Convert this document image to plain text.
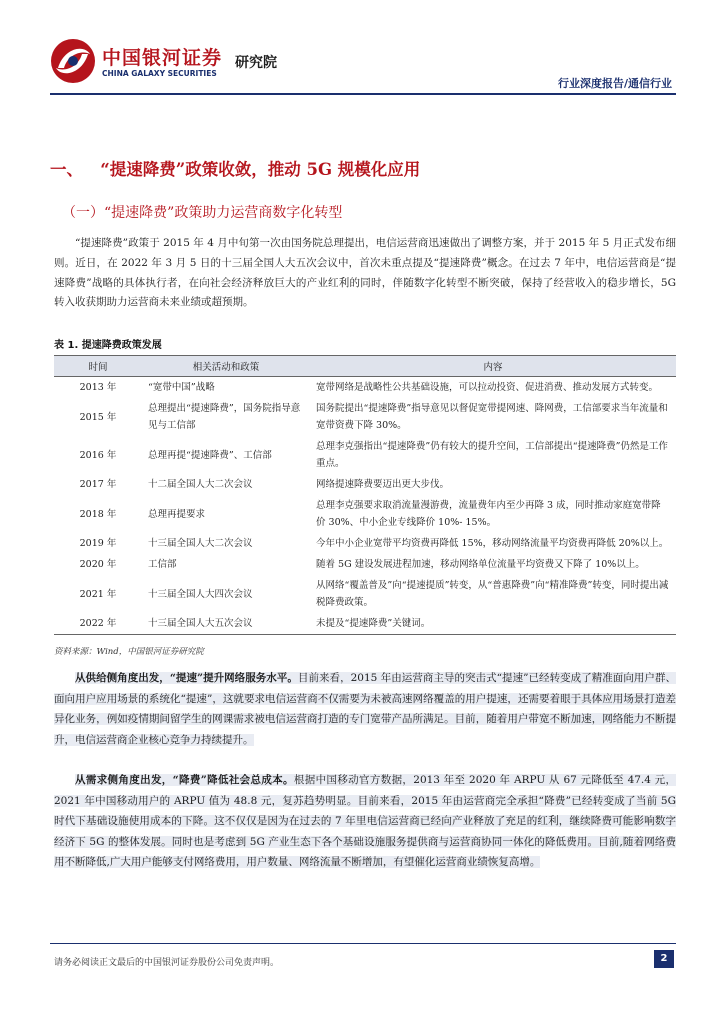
中国银河证券
CHINA GALAXY SECURITIES
研究院
行业深度报告/通信行业
一、   “提速降费”政策收敛，推动 5G 规模化应用
（一）“提速降费”政策助力运营商数字化转型
“提速降费”政策于 2015 年 4 月中旬第一次由国务院总理提出，电信运营商迅速做出了调整方案，并于 2015 年 5 月正式发布细则。近日，在 2022 年 3 月 5 日的十三届全国人大五次会议中，首次未重点提及“提速降费”概念。在过去 7 年中，电信运营商是“提速降费”战略的具体执行者，在向社会经济释放巨大的产业红利的同时，伴随数字化转型不断突破，保持了经营收入的稳步增长，5G 转入收获期助力运营商未来业绩或超预期。
表 1. 提速降费政策发展
时间	相关活动和政策	内容
2013 年	“宽带中国”战略	宽带网络是战略性公共基础设施，可以拉动投资、促进消费、推动发展方式转变。
2015 年	总理提出“提速降费”，国务院指导意见与工信部	国务院提出“提速降费”指导意见以督促宽带提网速、降网费，工信部要求当年流量和宽带资费下降 30%。
2016 年	总理再提“提速降费”、工信部	总理李克强指出“提速降费”仍有较大的提升空间，工信部提出“提速降费”仍然是工作重点。
2017 年	十二届全国人大二次会议	网络提速降费要迈出更大步伐。
2018 年	总理再提要求	总理李克强要求取消流量漫游费，流量费年内至少再降 3 成，同时推动家庭宽带降价 30%、中小企业专线降价 10%- 15%。
2019 年	十三届全国人大二次会议	今年中小企业宽带平均资费再降低 15%，移动网络流量平均资费再降低 20%以上。
2020 年	工信部	随着 5G 建设发展进程加速，移动网络单位流量平均资费又下降了 10%以上。
2021 年	十三届全国人大四次会议	从网络“覆盖普及”向“提速提质”转变，从“普惠降费”向“精准降费”转变，同时提出减税降费政策。
2022 年	十三届全国人大五次会议	未提及“提速降费”关键词。
资料来源：Wind，中国银河证券研究院
从供给侧角度出发，“提速”提升网络服务水平。目前来看，2015 年由运营商主导的突击式“提速”已经转变成了精准面向用户群、面向用户应用场景的系统化“提速”，这就要求电信运营商不仅需要为未被高速网络覆盖的用户提速，还需要着眼于具体应用场景打造差异化业务，例如疫情期间留学生的网课需求被电信运营商打造的专门宽带产品所满足。目前，随着用户带宽不断加速，网络能力不断提升，电信运营商企业核心竞争力持续提升。
从需求侧角度出发，“降费”降低社会总成本。根据中国移动官方数据，2013 年至 2020 年 ARPU 从 67 元降低至 47.4 元，2021 年中国移动用户的 ARPU 值为 48.8 元，复苏趋势明显。目前来看，2015 年由运营商完全承担“降费”已经转变成了当前 5G 时代下基础设施使用成本的下降。这不仅仅是因为在过去的 7 年里电信运营商已经向产业释放了充足的红利，继续降费可能影响数字经济下 5G 的整体发展。同时也是考虑到 5G 产业生态下各个基础设施服务提供商与运营商协同一体化的降低费用。目前,随着网络费用不断降低,广大用户能够支付网络费用，用户数量、网络流量不断增加，有望催化运营商业绩恢复高增。
请务必阅读正文最后的中国银河证券股份公司免责声明。	2
